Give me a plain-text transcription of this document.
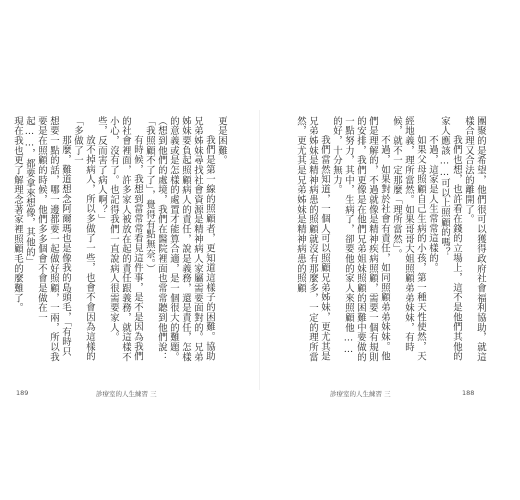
更是困難。

我們是第一線的照顧者，更知道這樣子的困難。協助兄弟姊妹尋找社會資源是精神病人家屬需要面對的。兄弟姊妹要負起照顧病人的責任，說是義務，還是責任，怎樣的意義或是怎樣的處置才能算合適，是一個很大的難題。（想到他們的處境，我們在醫院裡面也常常聽到他們說：「我照顧不了了」，覺得有點無奈。）

有時候，我想到當常常看見這件事，是不是因為我們的社會裡面，許多家人被放在起的責任跟義務，就這樣不小心，沒有了。也記得我們一直說病人很需要家人。

些，反而害了病人啊？」

放不掉病人，所以多做了一些，也會不會因為這樣的「多做了一

那麼，難道想念阿爾瑪也是像我的島頭毛，「有時只想要一點的話，哪一邊都要一起做好照顧，一兩，所以我要是在照顧的時候，他們多多個會不會是做在一起……，都要拿來想像，其他的」

現在我也更了解理念著家裡照顧毛的麼難了。

189	診療室的人生練習 三

團聚的是希望，他們很可以獲得政府社會福利協助，就這樣合理又合法的離開了。

我們也想，也許看在錢的立場上，這不是他們其他的家人應該……可以上照顧的嗎？

不過，這家是人生常常這樣的。

如果父母照顧自己生病的小孩，第一種天性使然，天經地義，理所當然。如果哥哥大姐照顧弟弟妹妹，有時候，就不一定那麼「理所當然」。

不過，如果對於社會有責任，如同照顧弟弟妹妹。他們是理解的，不過就像是精神疾病照顧，需要一個有規則的安排，我們更像是在他們兄弟姐妹照顧的困難中要做的一點努力，其中，生病了，卻要他的家人來照顧他……的好，十分無力。

我們當然知道，一個人可以照顧兄弟姊妹，更尤其是兄弟姊妹是精神病患的照顧就沒有那麼多，一定的理所當然，更尤其是兄弟姊妹是精神病患的照顧

診療室的人生練習 三	188
